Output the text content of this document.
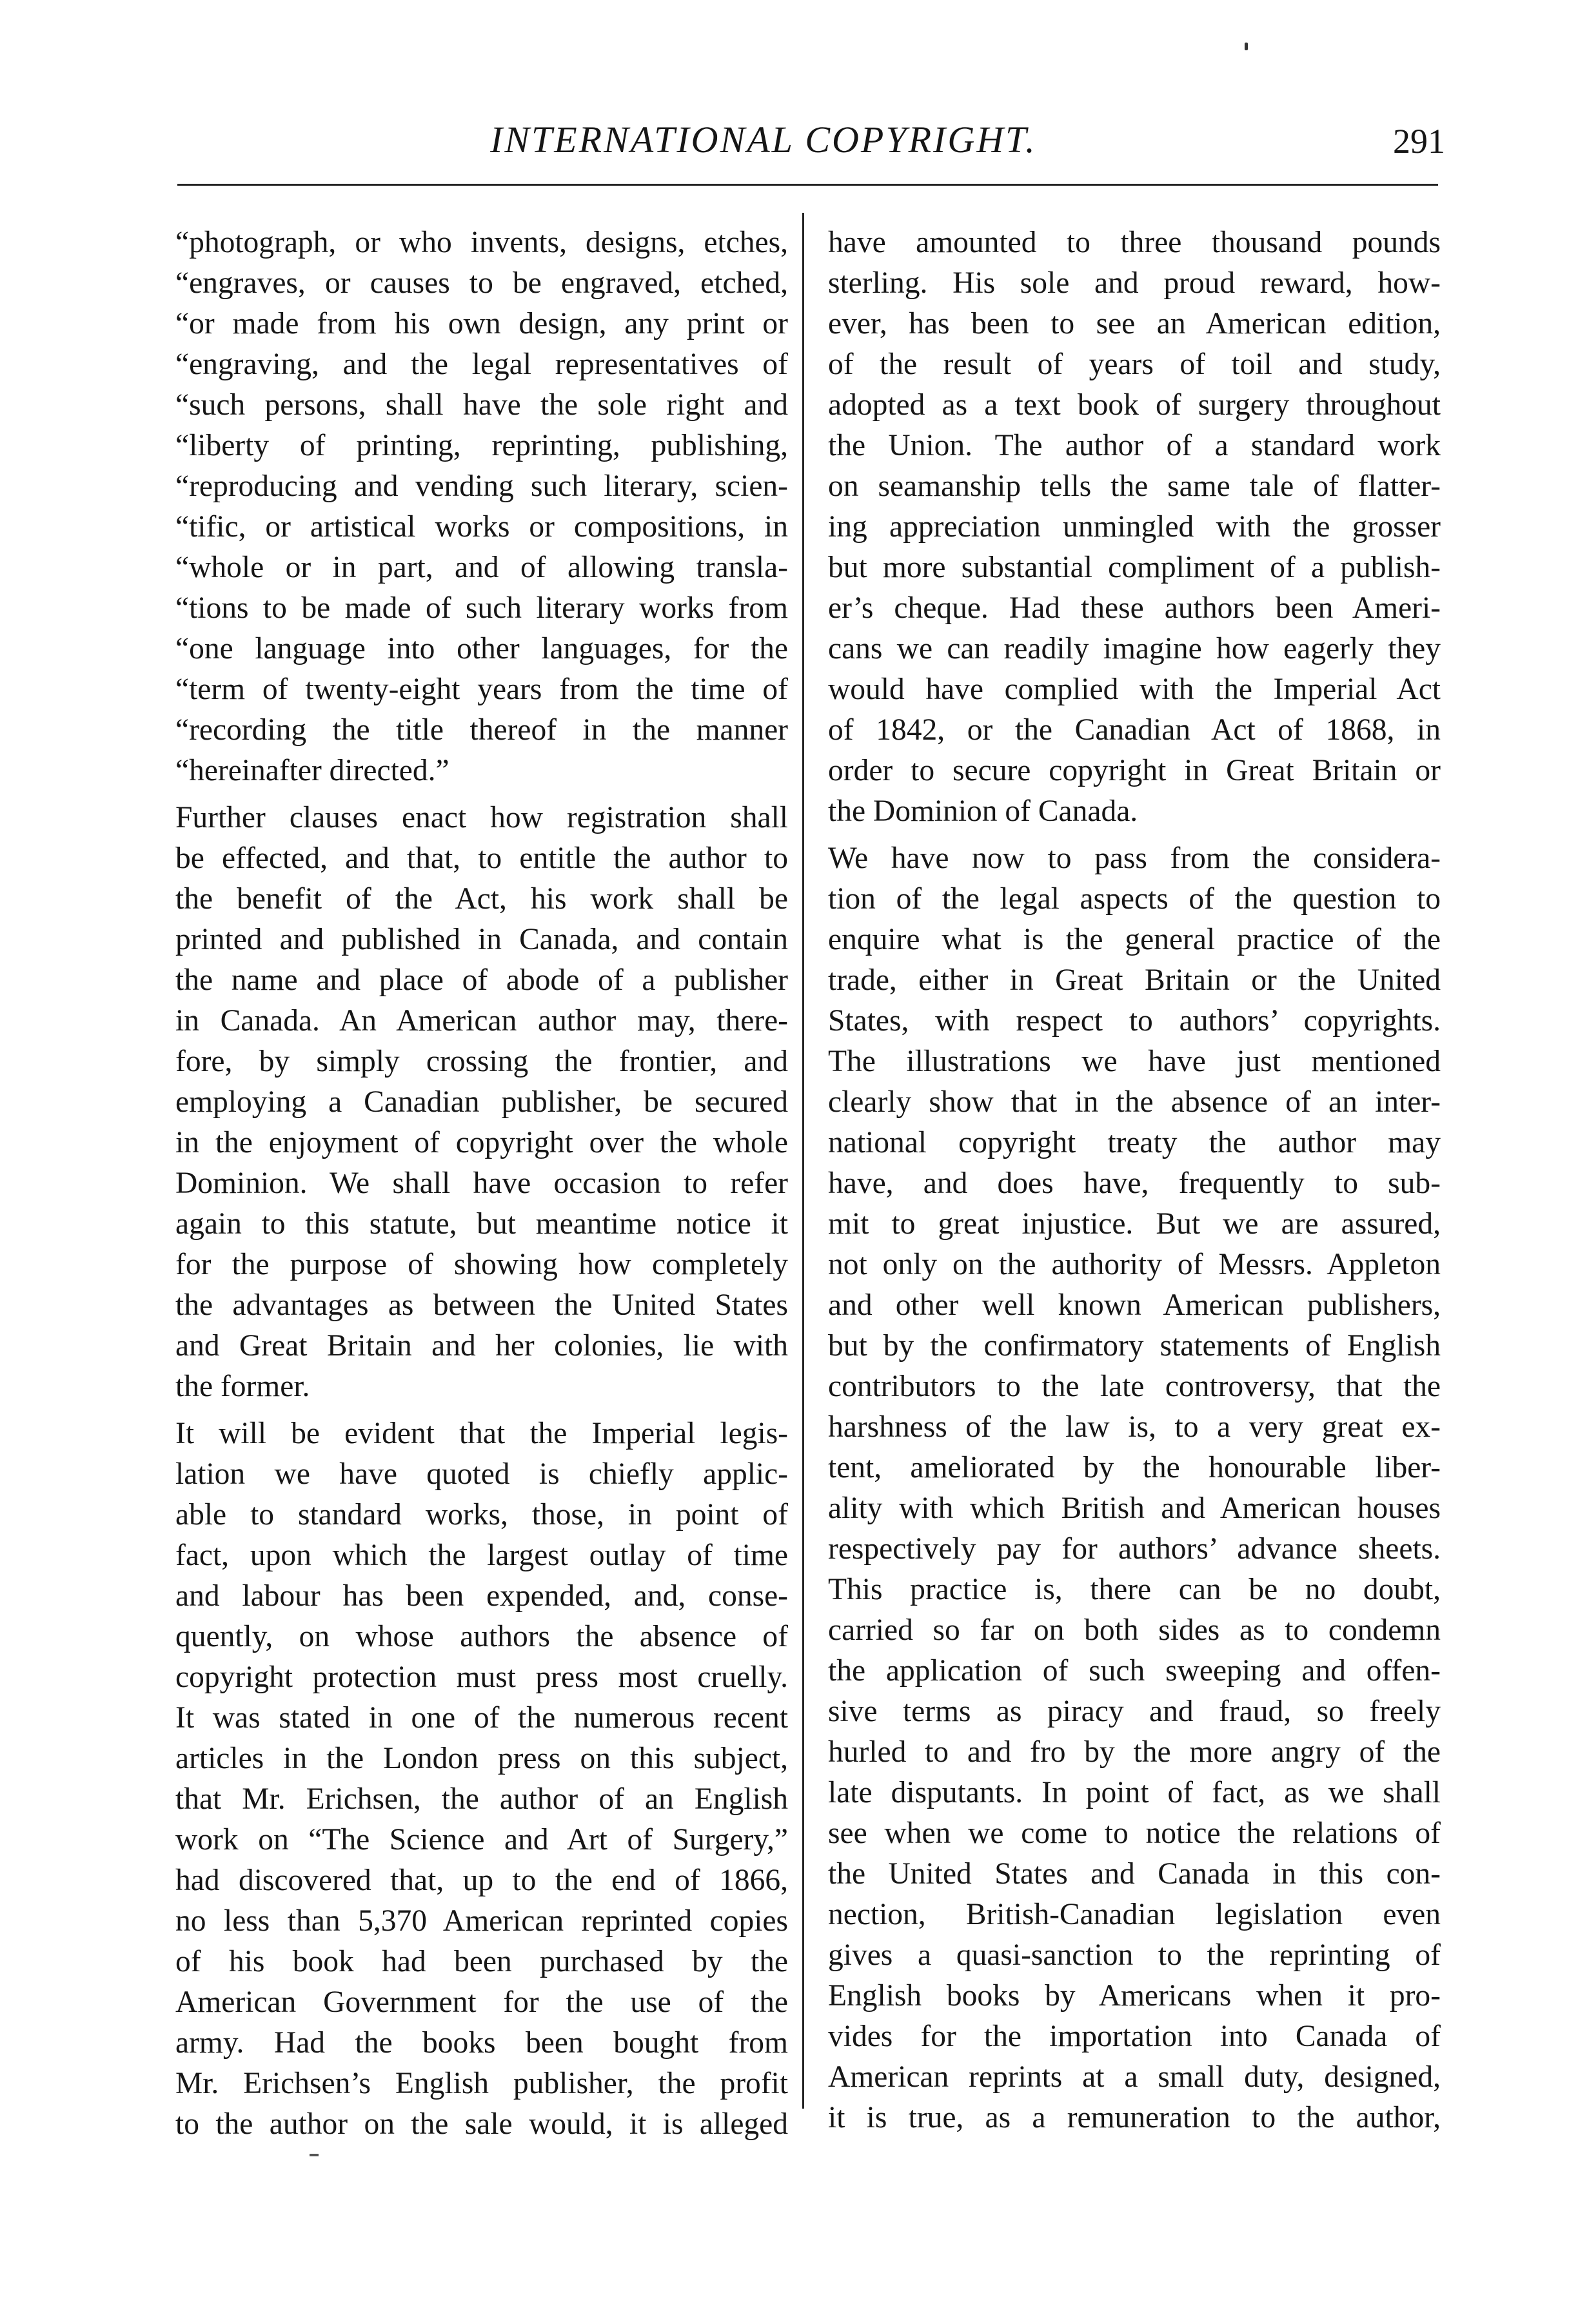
INTERNATIONAL COPYRIGHT.	291
“photograph, or who invents, designs, etches,
“engraves, or causes to be engraved, etched,
“or made from his own design, any print or
“engraving, and the legal representatives of
“such persons, shall have the sole right and
“liberty of printing, reprinting, publishing,
“reproducing and vending such literary, scien-
“tific, or artistical works or compositions, in
“whole or in part, and of allowing transla-
“tions to be made of such literary works from
“one language into other languages, for the
“term of twenty-eight years from the time of
“recording the title thereof in the manner
“hereinafter directed.”
Further clauses enact how registration shall
be effected, and that, to entitle the author to
the benefit of the Act, his work shall be
printed and published in Canada, and contain
the name and place of abode of a publisher
in Canada. An American author may, there-
fore, by simply crossing the frontier, and
employing a Canadian publisher, be secured
in the enjoyment of copyright over the whole
Dominion. We shall have occasion to refer
again to this statute, but meantime notice it
for the purpose of showing how completely
the advantages as between the United States
and Great Britain and her colonies, lie with
the former.
It will be evident that the Imperial legis-
lation we have quoted is chiefly applic-
able to standard works, those, in point of
fact, upon which the largest outlay of time
and labour has been expended, and, conse-
quently, on whose authors the absence of
copyright protection must press most cruelly.
It was stated in one of the numerous recent
articles in the London press on this subject,
that Mr. Erichsen, the author of an English
work on “The Science and Art of Surgery,”
had discovered that, up to the end of 1866,
no less than 5,370 American reprinted copies
of his book had been purchased by the
American Government for the use of the
army. Had the books been bought from
Mr. Erichsen’s English publisher, the profit
to the author on the sale would, it is alleged
have amounted to three thousand pounds
sterling. His sole and proud reward, how-
ever, has been to see an American edition,
of the result of years of toil and study,
adopted as a text book of surgery throughout
the Union. The author of a standard work
on seamanship tells the same tale of flatter-
ing appreciation unmingled with the grosser
but more substantial compliment of a publish-
er’s cheque. Had these authors been Ameri-
cans we can readily imagine how eagerly they
would have complied with the Imperial Act
of 1842, or the Canadian Act of 1868, in
order to secure copyright in Great Britain or
the Dominion of Canada.
We have now to pass from the considera-
tion of the legal aspects of the question to
enquire what is the general practice of the
trade, either in Great Britain or the United
States, with respect to authors’ copyrights.
The illustrations we have just mentioned
clearly show that in the absence of an inter-
national copyright treaty the author may
have, and does have, frequently to sub-
mit to great injustice. But we are assured,
not only on the authority of Messrs. Appleton
and other well known American publishers,
but by the confirmatory statements of English
contributors to the late controversy, that the
harshness of the law is, to a very great ex-
tent, ameliorated by the honourable liber-
ality with which British and American houses
respectively pay for authors’ advance sheets.
This practice is, there can be no doubt,
carried so far on both sides as to condemn
the application of such sweeping and offen-
sive terms as piracy and fraud, so freely
hurled to and fro by the more angry of the
late disputants. In point of fact, as we shall
see when we come to notice the relations of
the United States and Canada in this con-
nection, British-Canadian legislation even
gives a quasi-sanction to the reprinting of
English books by Americans when it pro-
vides for the importation into Canada of
American reprints at a small duty, designed,
it is true, as a remuneration to the author,
